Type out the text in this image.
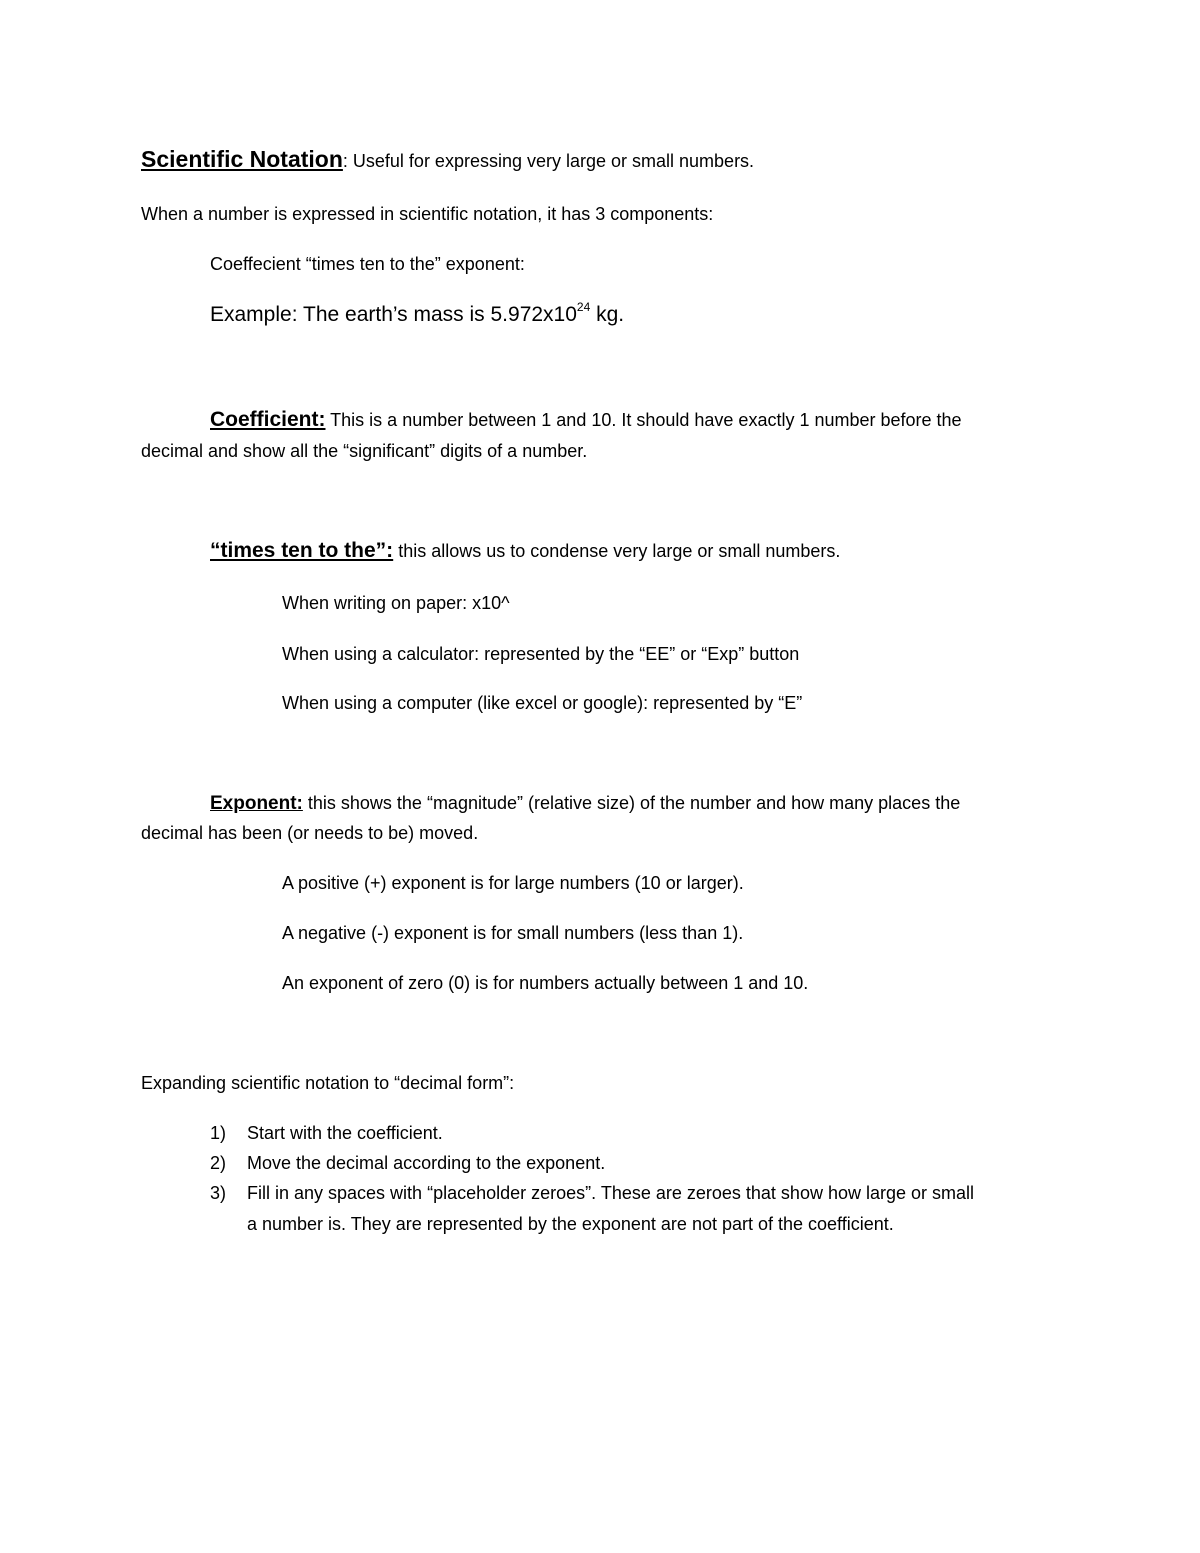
Scientific Notation: Useful for expressing very large or small numbers.
When a number is expressed in scientific notation, it has 3 components:
Coeffecient “times ten to the” exponent:
Example: The earth’s mass is $5.972x10^{24}$ kg.
Coefficient: This is a number between 1 and 10. It should have exactly 1 number before the
decimal and show all the “significant” digits of a number.
“times ten to the”: this allows us to condense very large or small numbers.
When writing on paper: x10^
When using a calculator: represented by the “EE” or “Exp” button
When using a computer (like excel or google): represented by “E”
Exponent: this shows the “magnitude” (relative size) of the number and how many places the
decimal has been (or needs to be) moved.
A positive (+) exponent is for large numbers (10 or larger).
A negative (-) exponent is for small numbers (less than 1).
An exponent of zero (0) is for numbers actually between 1 and 10.
Expanding scientific notation to “decimal form”:
1)	Start with the coefficient.
2)	Move the decimal according to the exponent.
3)	Fill in any spaces with “placeholder zeroes”. These are zeroes that show how large or small
a number is. They are represented by the exponent are not part of the coefficient.
